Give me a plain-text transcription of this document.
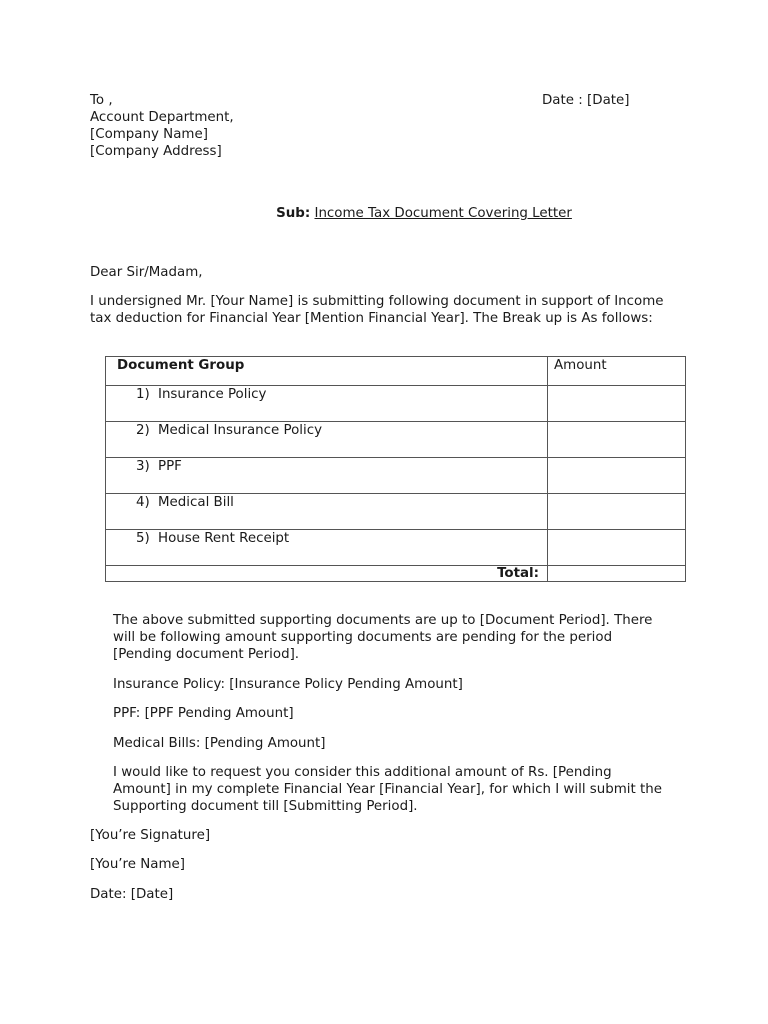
To ,
Account Department,
[Company Name]
[Company Address]
Date : [Date]
Sub: Income Tax Document Covering Letter
Dear Sir/Madam,

I undersigned Mr. [Your Name] is submitting following document in support of Income tax deduction for Financial Year [Mention Financial Year]. The Break up is As follows:

Document Group	Amount
1) Insurance Policy	
2) Medical Insurance Policy	
3) PPF	
4) Medical Bill	
5) House Rent Receipt	
Total:	

The above submitted supporting documents are up to [Document Period]. There will be following amount supporting documents are pending for the period [Pending document Period].

Insurance Policy: [Insurance Policy Pending Amount]

PPF: [PPF Pending Amount]

Medical Bills: [Pending Amount]

I would like to request you consider this additional amount of Rs. [Pending Amount] in my complete Financial Year [Financial Year], for which I will submit the Supporting document till [Submitting Period].

[You’re Signature]
[You’re Name]
Date: [Date]
